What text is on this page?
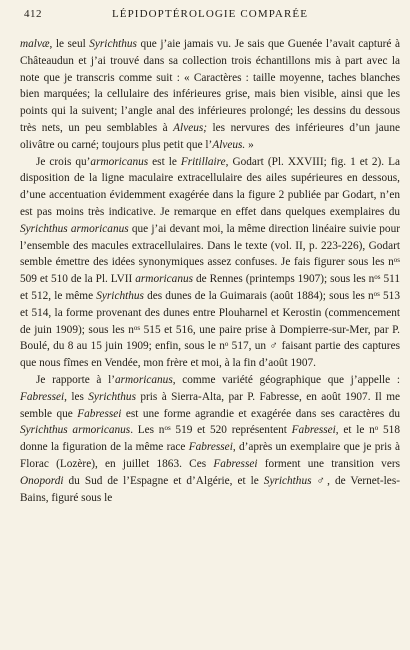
412	LÉPIDOPTÉROLOGIE COMPARÉE

malvæ, le seul Syrichthus que j’aie jamais vu. Je sais que Guenée l’avait capturé à Châteaudun et j’ai trouvé dans sa collection trois échantillons mis à part avec la note que je transcris comme suit : « Caractères : taille moyenne, taches blanches bien marquées; la cellulaire des inférieures grise, mais bien visible, ainsi que les points qui la suivent; l’angle anal des inférieures prolongé; les dessins du dessous très nets, un peu semblables à Alveus; les nervures des inférieures d’un jaune olivâtre ou carné; toujours plus petit que l’Alveus. »

Je crois qu’armoricanus est le Fritillaire, Godart (Pl. XXVIII; fig. 1 et 2). La disposition de la ligne maculaire extracellulaire des ailes supérieures en dessous, d’une accentuation évidemment exagérée dans la figure 2 publiée par Godart, n’en est pas moins très indicative. Je remarque en effet dans quelques exemplaires du Syrichthus armoricanus que j’ai devant moi, la même direction linéaire suivie pour l’ensemble des macules extracellulaires. Dans le texte (vol. II, p. 223-226), Godart semble émettre des idées synonymiques assez confuses. Je fais figurer sous les $n^{os}$ 509 et 510 de la Pl. LVII armoricanus de Rennes (printemps 1907); sous les $n^{os}$ 511 et 512, le même Syrichthus des dunes de la Guimarais (août 1884); sous les $n^{os}$ 513 et 514, la forme provenant des dunes entre Plouharnel et Kerostin (commencement de juin 1909); sous les $n^{os}$ 515 et 516, une paire prise à Dompierre-sur-Mer, par P. Boulé, du 8 au 15 juin 1909; enfin, sous le $n^o$ 517, un ♂ faisant partie des captures que nous fîmes en Vendée, mon frère et moi, à la fin d’août 1907.

Je rapporte à l’armoricanus, comme variété géographique que j’appelle : Fabressei, les Syrichthus pris à Sierra-Alta, par P. Fabresse, en août 1907. Il me semble que Fabressei est une forme agrandie et exagérée dans ses caractères du Syrichthus armoricanus. Les $n^{os}$ 519 et 520 représentent Fabressei, et le $n^o$ 518 donne la figuration de la même race Fabressei, d’après un exemplaire que je pris à Florac (Lozère), en juillet 1863. Ces Fabressei forment une transition vers Onopordi du Sud de l’Espagne et d’Algérie, et le Syrichthus ♂, de Vernet-les-Bains, figuré sous le
